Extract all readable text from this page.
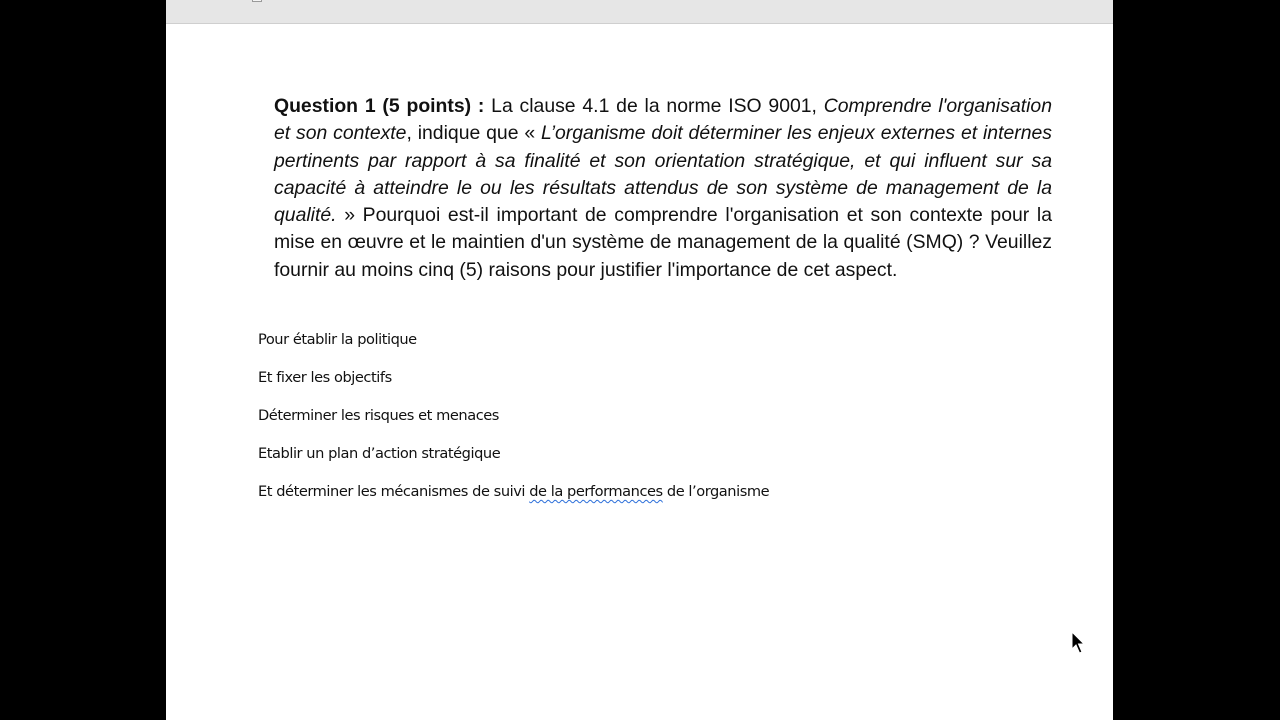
Question 1 (5 points) : La clause 4.1 de la norme ISO 9001, Comprendre l'organisation et son contexte, indique que « L’organisme doit déterminer les enjeux externes et internes pertinents par rapport à sa finalité et son orientation stratégique, et qui influent sur sa capacité à atteindre le ou les résultats attendus de son système de management de la qualité. » Pourquoi est-il important de comprendre l'organisation et son contexte pour la mise en œuvre et le maintien d'un système de management de la qualité (SMQ) ? Veuillez fournir au moins cinq (5) raisons pour justifier l'importance de cet aspect.

Pour établir la politique
Et fixer les objectifs
Déterminer les risques et menaces
Etablir un plan d’action stratégique
Et déterminer les mécanismes de suivi de la performances de l’organisme
